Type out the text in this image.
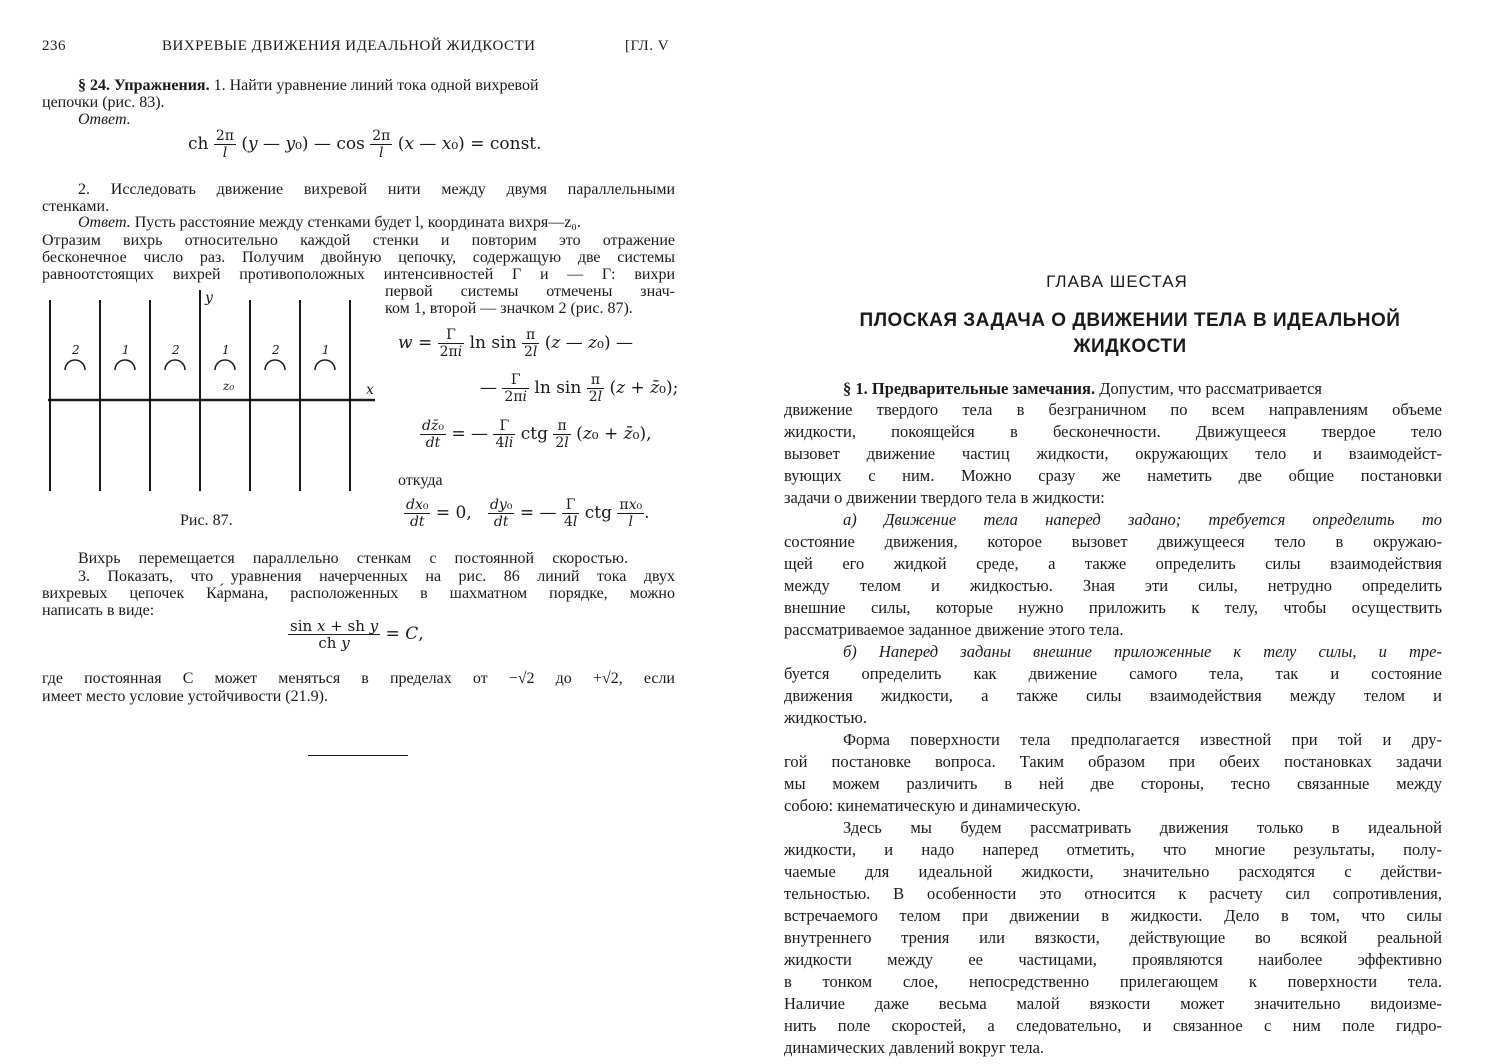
236	ВИХРЕВЫЕ ДВИЖЕНИЯ ИДЕАЛЬНОЙ ЖИДКОСТИ	[ГЛ. V
§ 24. Упражнения. 1. Найти уравнение линий тока одной вихревой
цепочки (рис. 83).
Ответ.
ch $\frac{2\pi}{l} (y$ — y₀) — $\cos \frac{2\pi}{l} (x$ — x₀) = const.
2. Исследовать движение вихревой нити между двумя параллельными
стенками.
Ответ. Пусть расстояние между стенками будет l, координата вихря—z₀.
Отразим вихрь относительно каждой стенки и повторим это отражение
бесконечное число раз. Получим двойную цепочку, содержащую две системы
равноотстоящих вихрей противоположных интенсивностей Γ и — Γ: вихри
первой системы отмечены знач-
ком 1, второй — значком 2 (рис. 87).
2	1	2	1	2	1
z₀	x
y
Рис. 87.
$w = \frac{\Gamma}{2\pi i}$ $\ln \sin \frac{\pi}{2l} (z$ — z₀) —
— $\frac{\Gamma}{2\pi i}$ $\ln \sin \frac{\pi}{2l} (z$ + z̄₀);
$\frac{\text{dz̄₀}}{dt}$ = — $\frac{\Gamma}{4li}$ ctg $\frac{\pi}{2l} (z_0$ + z̄₀),
откуда
$\frac{\text{dx₀}}{dt} = 0$, $\frac{\text{dy₀}}{dt}$ = — $\frac{\Gamma}{4l}$ ctg $\frac{\text{πx₀}}{l}$ .
Вихрь перемещается параллельно стенкам с постоянной скоростью.
3. Показать, что уравнения начерченных на рис. 86 линий тока двух
вихревых цепочек Ка́рмана, расположенных в шахматном порядке, можно
написать в виде:
$\frac{\text{sin x + sh y}}{\text{ch y}} = C$,
где постоянная C может меняться в пределах от −√2 до +√2, если
имеет место условие устойчивости (21.9).
ГЛАВА ШЕСТАЯ
ПЛОСКАЯ ЗАДАЧА О ДВИЖЕНИИ ТЕЛА В ИДЕАЛЬНОЙ ЖИДКОСТИ
§ 1. Предварительные замечания. Допустим, что рассматривается
движение твердого тела в безграничном по всем направлениям объеме
жидкости, покоящейся в бесконечности. Движущееся твердое тело
вызовет движение частиц жидкости, окружающих тело и взаимодейст-
вующих с ним. Можно сразу же наметить две общие постановки
задачи о движении твердого тела в жидкости:
а) Движение тела наперед задано; требуется определить то
состояние движения, которое вызовет движущееся тело в окружаю-
щей его жидкой среде, а также определить силы взаимодействия
между телом и жидкостью. Зная эти силы, нетрудно определить
внешние силы, которые нужно приложить к телу, чтобы осуществить
рассматриваемое заданное движение этого тела.
б) Наперед заданы внешние приложенные к телу силы, и тре-
буется определить как движение самого тела, так и состояние
движения жидкости, а также силы взаимодействия между телом и
жидкостью.
Форма поверхности тела предполагается известной при той и дру-
гой постановке вопроса. Таким образом при обеих постановках задачи
мы можем различить в ней две стороны, тесно связанные между
собою: кинематическую и динамическую.
Здесь мы будем рассматривать движения только в идеальной
жидкости, и надо наперед отметить, что многие результаты, полу-
чаемые для идеальной жидкости, значительно расходятся с действи-
тельностью. В особенности это относится к расчету сил сопротивления,
встречаемого телом при движении в жидкости. Дело в том, что силы
внутреннего трения или вязкости, действующие во всякой реальной
жидкости между ее частицами, проявляются наиболее эффективно
в тонком слое, непосредственно прилегающем к поверхности тела.
Наличие даже весьма малой вязкости может значительно видоизме-
нить поле скоростей, а следовательно, и связанное с ним поле гидро-
динамических давлений вокруг тела.
